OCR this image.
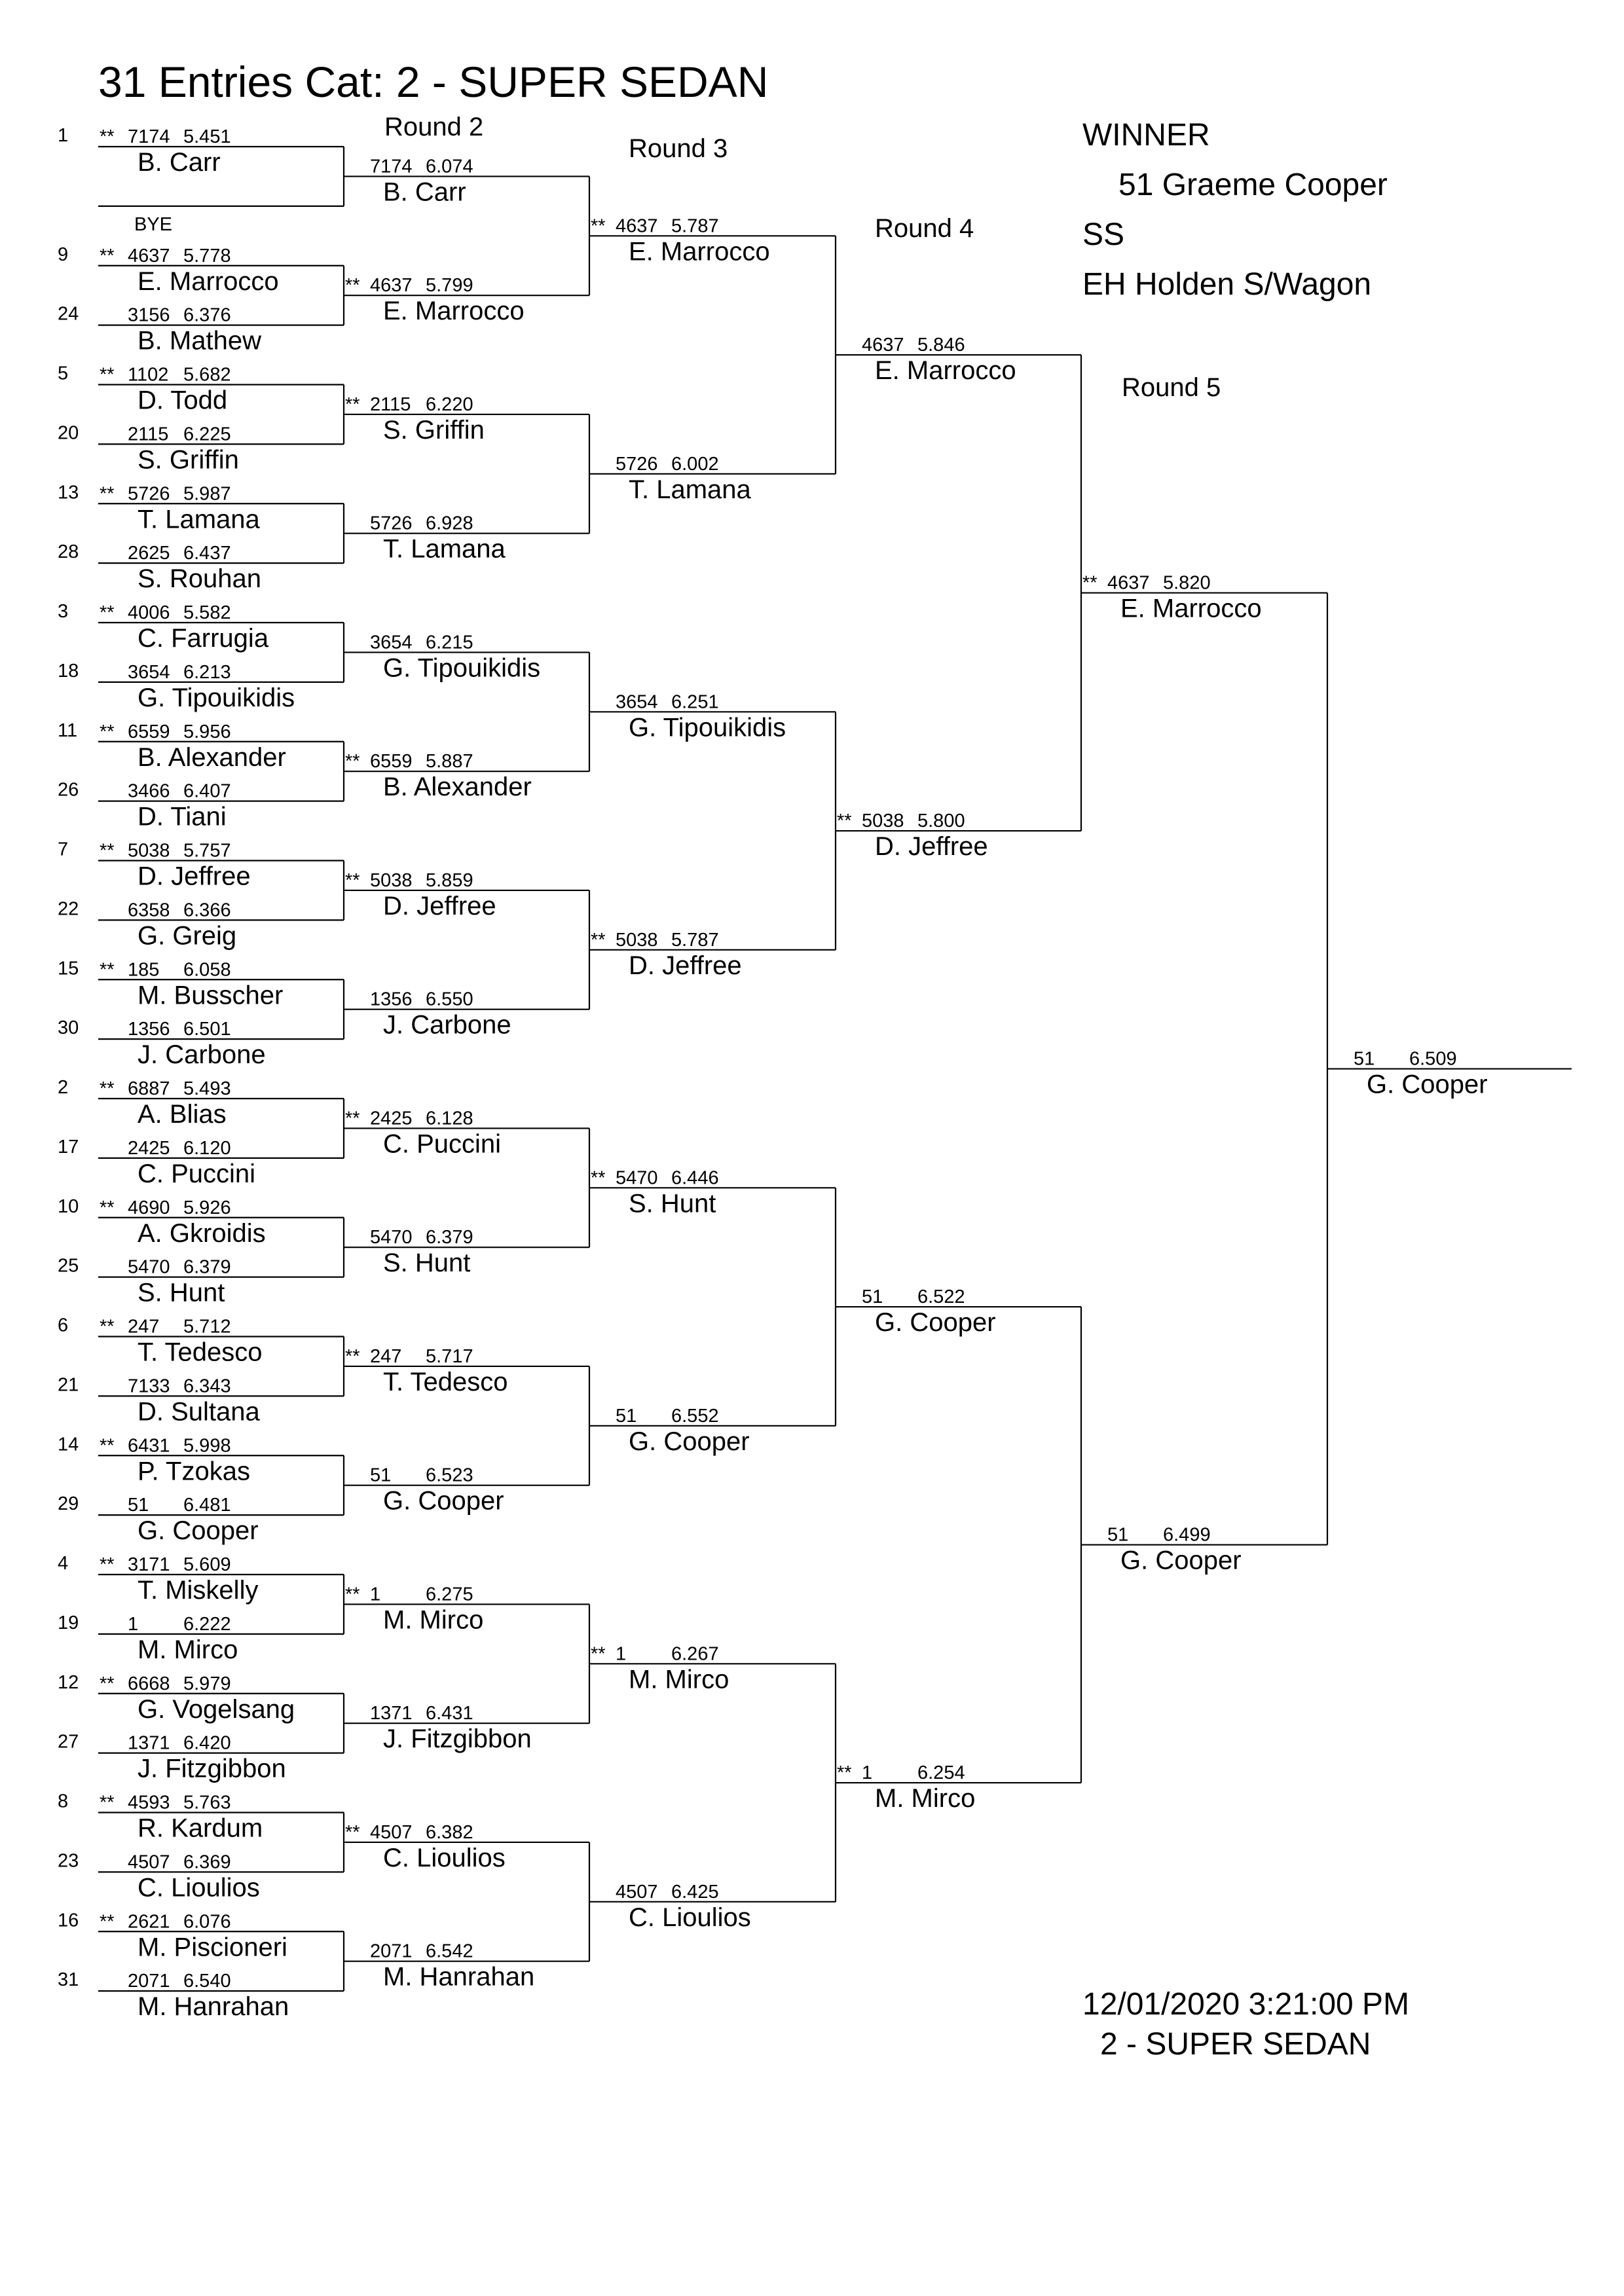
31 Entries Cat: 2 - SUPER SEDAN
Round 2
Round 3
Round 4
Round 5
WINNER
51 Graeme Cooper
SS
EH Holden S/Wagon
1 ** 7174 5.451
B. Carr
BYE
9 ** 4637 5.778
E. Marrocco
24	3156 6.376
B. Mathew
5 ** 1102 5.682
D. Todd
20	2115 6.225
S. Griffin
13 ** 5726 5.987
T. Lamana
28	2625 6.437
S. Rouhan
3 ** 4006 5.582
C. Farrugia
18	3654 6.213
G. Tipouikidis
11 ** 6559 5.956
B. Alexander
26	3466 6.407
D. Tiani
7 ** 5038 5.757
D. Jeffree
22	6358 6.366
G. Greig
15 ** 185 6.058
M. Busscher
30	1356 6.501
J. Carbone
2 ** 6887 5.493
A. Blias
17	2425 6.120
C. Puccini
10 ** 4690 5.926
A. Gkroidis
25	5470 6.379
S. Hunt
6 ** 247 5.712
T. Tedesco
21	7133 6.343
D. Sultana
14 ** 6431 5.998
P. Tzokas
29	51 6.481
G. Cooper
4 ** 3171 5.609
T. Miskelly
19	1 6.222
M. Mirco
12 ** 6668 5.979
G. Vogelsang
27	1371 6.420
J. Fitzgibbon
8 ** 4593 5.763
R. Kardum
23	4507 6.369
C. Lioulios
16 ** 2621 6.076
M. Piscioneri
31	2071 6.540
M. Hanrahan
7174 6.074
B. Carr
** 4637 5.799
E. Marrocco
** 2115 6.220
S. Griffin
5726 6.928
T. Lamana
3654 6.215
G. Tipouikidis
** 6559 5.887
B. Alexander
** 5038 5.859
D. Jeffree
1356 6.550
J. Carbone
** 2425 6.128
C. Puccini
5470 6.379
S. Hunt
** 247 5.717
T. Tedesco
51 6.523
G. Cooper
** 1 6.275
M. Mirco
1371 6.431
J. Fitzgibbon
** 4507 6.382
C. Lioulios
2071 6.542
M. Hanrahan
** 4637 5.787
E. Marrocco
5726 6.002
T. Lamana
3654 6.251
G. Tipouikidis
** 5038 5.787
D. Jeffree
** 5470 6.446
S. Hunt
51 6.552
G. Cooper
** 1 6.267
M. Mirco
4507 6.425
C. Lioulios
4637 5.846
E. Marrocco
** 5038 5.800
D. Jeffree
51 6.522
G. Cooper
** 1 6.254
M. Mirco
** 4637 5.820
E. Marrocco
51 6.499
G. Cooper
51 6.509
G. Cooper
12/01/2020 3:21:00 PM
2 - SUPER SEDAN
